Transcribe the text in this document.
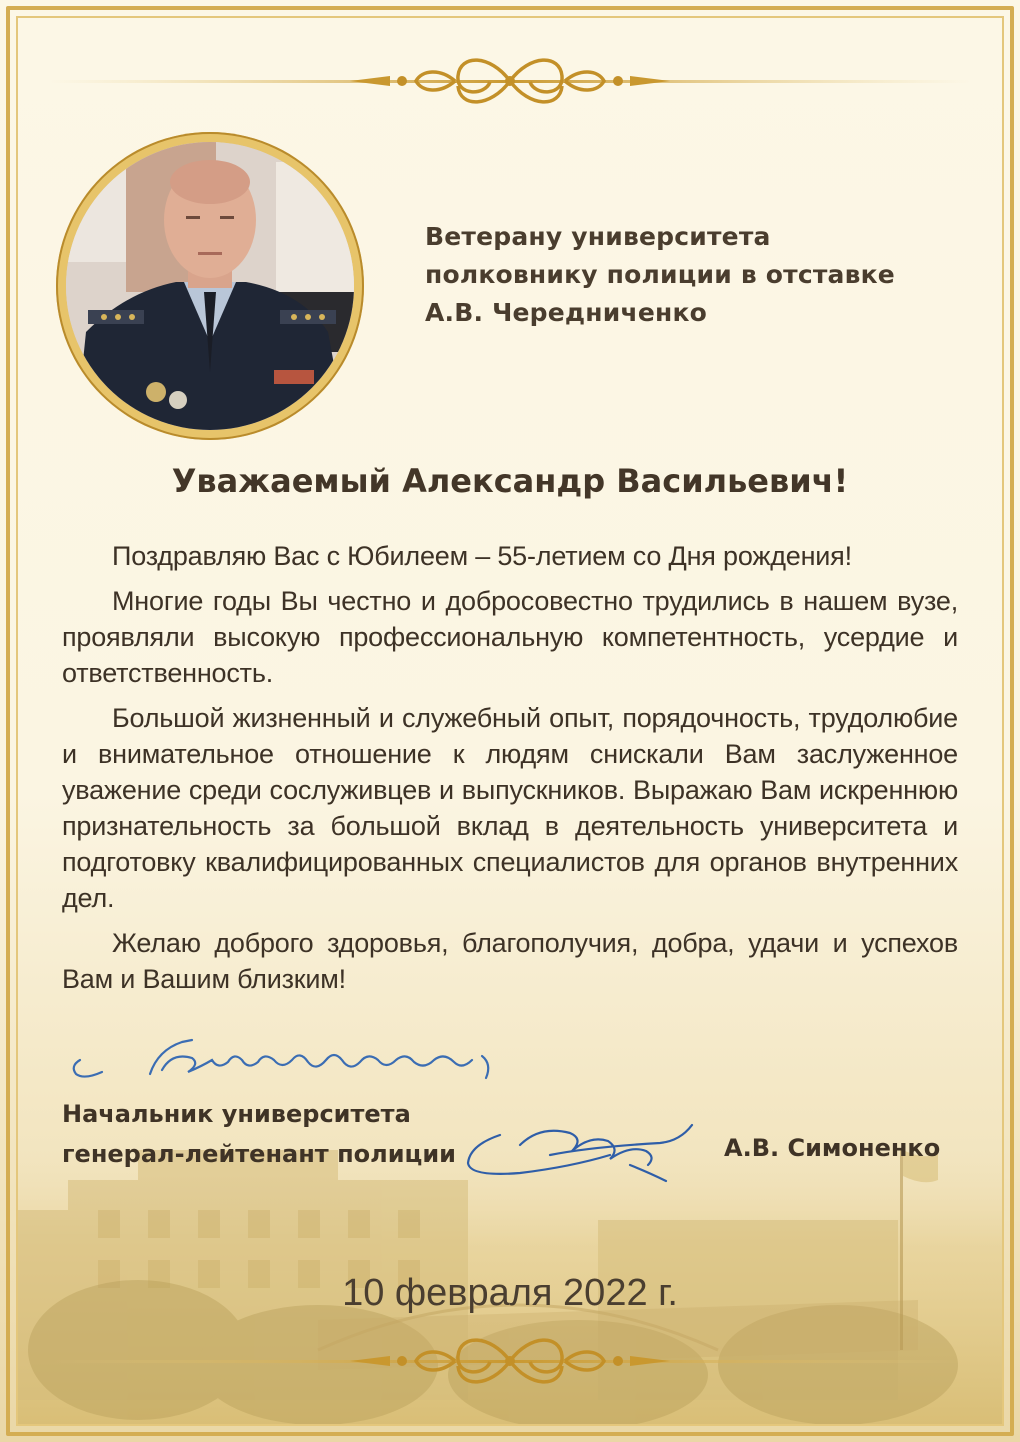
Ветерану университета
полковнику полиции в отставке
А.В. Чередниченко
Уважаемый Александр Васильевич!

Поздравляю Вас с Юбилеем – 55-летием со Дня рождения!

Многие годы Вы честно и добросовестно трудились в нашем вузе, проявляли высокую профессиональную компетентность, усердие и ответственность.

Большой жизненный и служебный опыт, порядочность, трудолюбие и внимательное отношение к людям снискали Вам заслуженное уважение среди сослуживцев и выпускников. Выражаю Вам искреннюю признательность за большой вклад в деятельность университета и подготовку квалифицированных специалистов для органов внутренних дел.

Желаю доброго здоровья, благополучия, добра, удачи и успехов Вам и Вашим близким!

Начальник университета
генерал-лейтенант полиции	А.В. Симоненко
10 февраля 2022 г.
